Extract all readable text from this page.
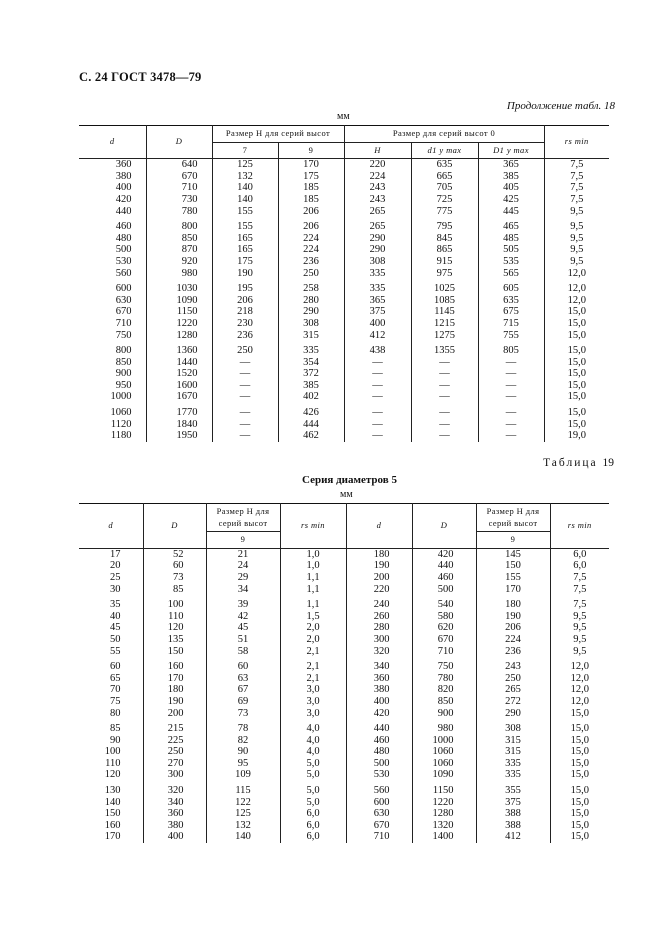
С. 24 ГОСТ 3478—79
Продолжение табл. 18
мм
d	D	Размер H для серий высот		Размер для серий высот 0			rs min
		7	9	H	d1 y max	D1 y max	
360	640	125	170	220	635	365	7,5
380	670	132	175	224	665	385	7,5
400	710	140	185	243	705	405	7,5
420	730	140	185	243	725	425	7,5
440	780	155	206	265	775	445	9,5

460	800	155	206	265	795	465	9,5
480	850	165	224	290	845	485	9,5
500	870	165	224	290	865	505	9,5
530	920	175	236	308	915	535	9,5
560	980	190	250	335	975	565	12,0

600	1030	195	258	335	1025	605	12,0
630	1090	206	280	365	1085	635	12,0
670	1150	218	290	375	1145	675	15,0
710	1220	230	308	400	1215	715	15,0
750	1280	236	315	412	1275	755	15,0

800	1360	250	335	438	1355	805	15,0
850	1440	—	354	—	—	—	15,0
900	1520	—	372	—	—	—	15,0
950	1600	—	385	—	—	—	15,0
1000	1670	—	402	—	—	—	15,0

1060	1770	—	426	—	—	—	15,0
1120	1840	—	444	—	—	—	15,0
1180	1950	—	462	—	—	—	19,0
Таблица 19
Серия диаметров 5
мм
d	D	Размер H для серий высот	rs min	d	D	Размер H для серий высот	rs min
		9				9	
17	52	21	1,0	180	420	145	6,0
20	60	24	1,0	190	440	150	6,0
25	73	29	1,1	200	460	155	7,5
30	85	34	1,1	220	500	170	7,5

35	100	39	1,1	240	540	180	7,5
40	110	42	1,5	260	580	190	9,5
45	120	45	2,0	280	620	206	9,5
50	135	51	2,0	300	670	224	9,5
55	150	58	2,1	320	710	236	9,5

60	160	60	2,1	340	750	243	12,0
65	170	63	2,1	360	780	250	12,0
70	180	67	3,0	380	820	265	12,0
75	190	69	3,0	400	850	272	12,0
80	200	73	3,0	420	900	290	15,0

85	215	78	4,0	440	980	308	15,0
90	225	82	4,0	460	1000	315	15,0
100	250	90	4,0	480	1060	315	15,0
110	270	95	5,0	500	1060	335	15,0
120	300	109	5,0	530	1090	335	15,0

130	320	115	5,0	560	1150	355	15,0
140	340	122	5,0	600	1220	375	15,0
150	360	125	6,0	630	1280	388	15,0
160	380	132	6,0	670	1320	388	15,0
170	400	140	6,0	710	1400	412	15,0
